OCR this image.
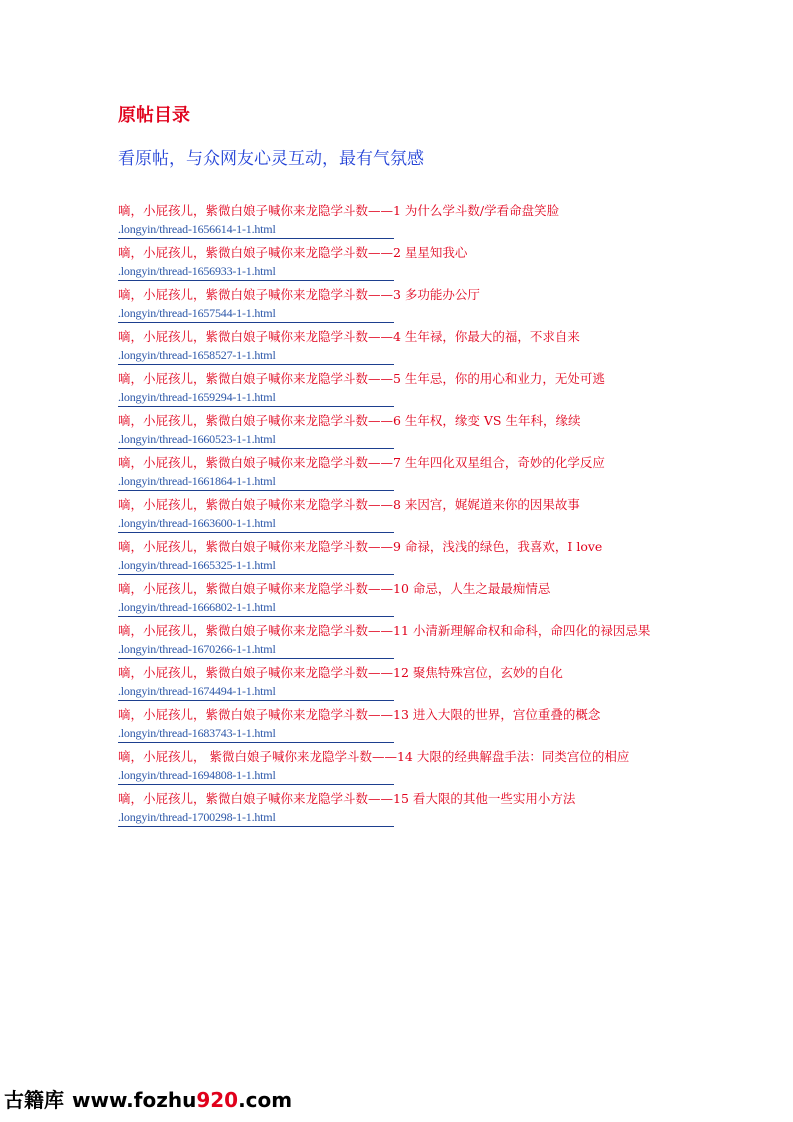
原帖目录
看原帖，与众网友心灵互动，最有气氛感
嘀，小屁孩儿，紫微白娘子喊你来龙隐学斗数——1 为什么学斗数/学看命盘笑脸
.longyin/thread-1656614-1-1.html
嘀，小屁孩儿，紫微白娘子喊你来龙隐学斗数——2 星星知我心
.longyin/thread-1656933-1-1.html
嘀，小屁孩儿，紫微白娘子喊你来龙隐学斗数——3 多功能办公厅
.longyin/thread-1657544-1-1.html
嘀，小屁孩儿，紫微白娘子喊你来龙隐学斗数——4 生年禄，你最大的福，不求自来
.longyin/thread-1658527-1-1.html
嘀，小屁孩儿，紫微白娘子喊你来龙隐学斗数——5 生年忌，你的用心和业力，无处可逃
.longyin/thread-1659294-1-1.html
嘀，小屁孩儿，紫微白娘子喊你来龙隐学斗数——6 生年权，缘变 VS 生年科，缘续
.longyin/thread-1660523-1-1.html
嘀，小屁孩儿，紫微白娘子喊你来龙隐学斗数——7 生年四化双星组合，奇妙的化学反应
.longyin/thread-1661864-1-1.html
嘀，小屁孩儿，紫微白娘子喊你来龙隐学斗数——8 来因宫，娓娓道来你的因果故事
.longyin/thread-1663600-1-1.html
嘀，小屁孩儿，紫微白娘子喊你来龙隐学斗数——9 命禄，浅浅的绿色，我喜欢，I love
.longyin/thread-1665325-1-1.html
嘀，小屁孩儿，紫微白娘子喊你来龙隐学斗数——10 命忌，人生之最最痴情忌
.longyin/thread-1666802-1-1.html
嘀，小屁孩儿，紫微白娘子喊你来龙隐学斗数——11 小清新理解命权和命科，命四化的禄因忌果
.longyin/thread-1670266-1-1.html
嘀，小屁孩儿，紫微白娘子喊你来龙隐学斗数——12 聚焦特殊宫位，玄妙的自化
.longyin/thread-1674494-1-1.html
嘀，小屁孩儿，紫微白娘子喊你来龙隐学斗数——13 进入大限的世界，宫位重叠的概念
.longyin/thread-1683743-1-1.html
嘀，小屁孩儿， 紫微白娘子喊你来龙隐学斗数——14 大限的经典解盘手法：同类宫位的相应
.longyin/thread-1694808-1-1.html
嘀，小屁孩儿，紫微白娘子喊你来龙隐学斗数——15 看大限的其他一些实用小方法
.longyin/thread-1700298-1-1.html
古籍库 www.fozhu920.com
